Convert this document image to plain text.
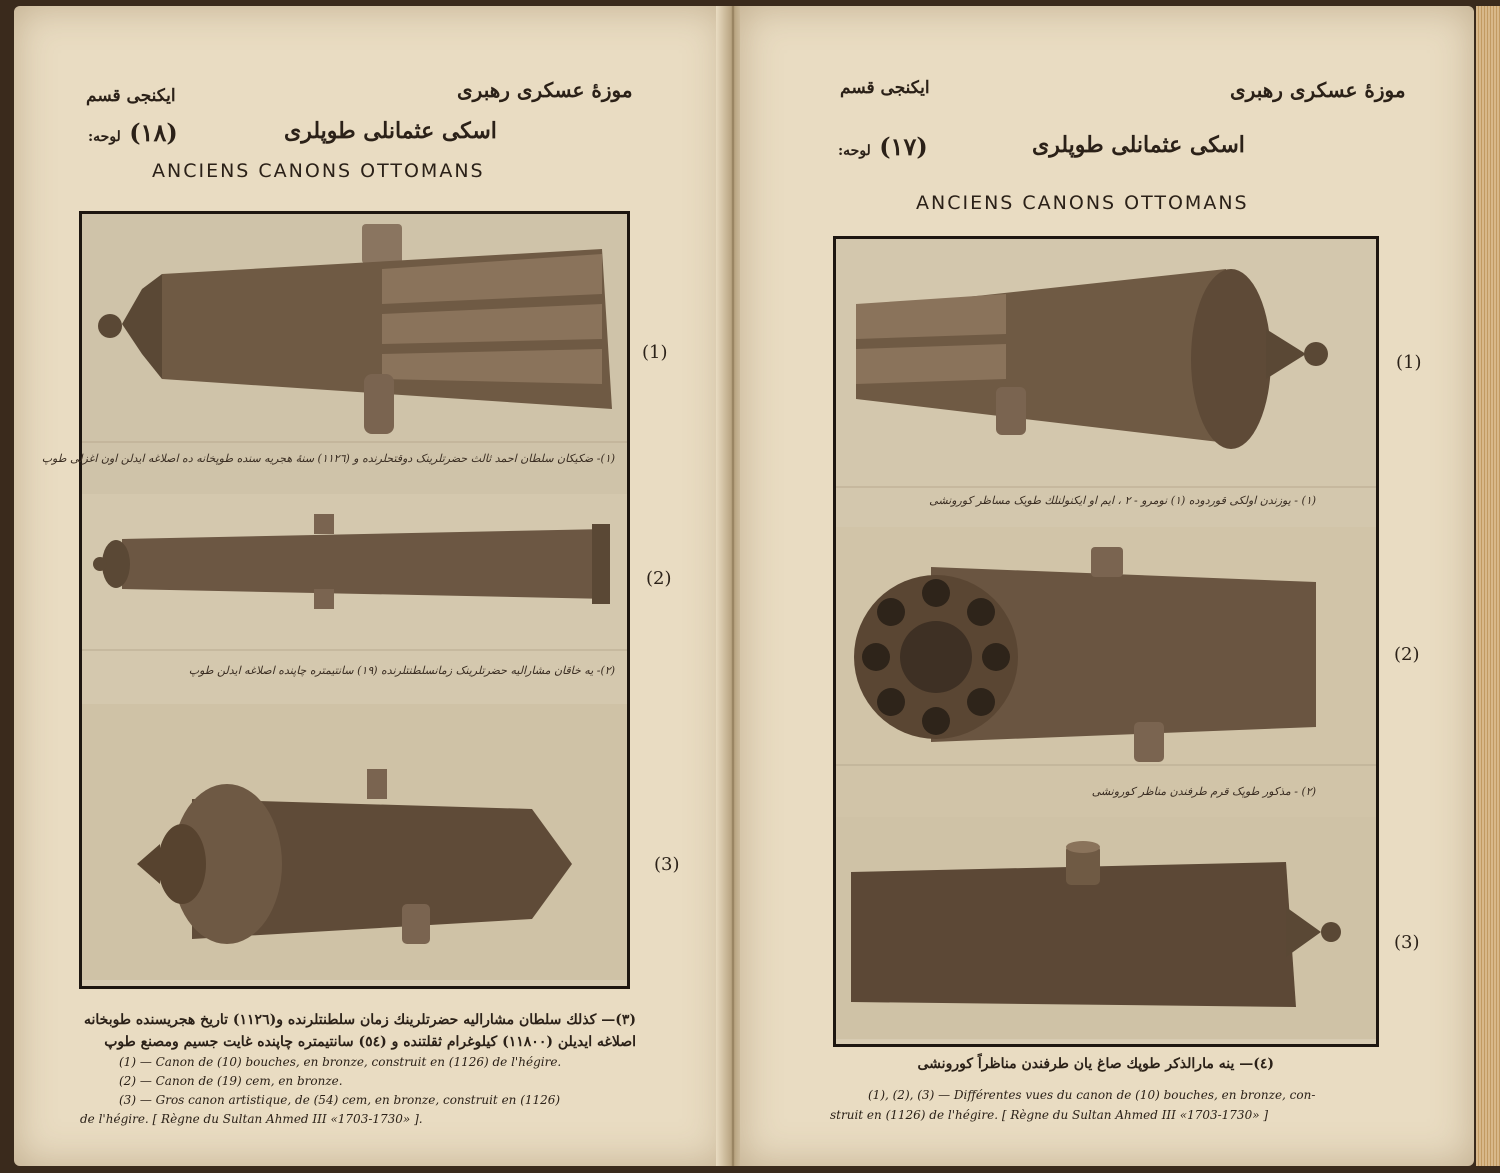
موزهٔ عسکری رهبری
ایکنجی قسم
(١٨) لوحه:	اسکی عثمانلی طوپلری
ANCIENS CANONS OTTOMANS
(١)- ضکیکان سلطان احمد ثالث حضرتلرینک دوقتحلرنده و (١١٢٦) سنهٔ هجریه سنده طوپخانه ده اصلاغه ایدلن اون اغزلی طوپ
(٢)- یه خاقان مشارالیه حضرتلرینک زمانسلطنتلرنده (١٩) سانتیمتره چاپنده اصلاغه ایدلن طوپ
(1)
(2)
(3)
(٣)— کذلك سلطان مشارالیه حضرتلرینك زمان سلطنتلرنده و(١١٢٦) تاریخ هجریسنده طوبخانه
اصلاغه ایدیلن (١١٨٠٠) کیلوغرام ثقلتنده و (٥٤) سانتیمتره چاپنده غایت جسیم ومصنع طوپ
(1) — Canon de (10) bouches, en bronze, construit en (1126) de l'hégire.
(2) — Canon de (19) cem, en bronze.
(3) — Gros canon artistique, de (54) cem, en bronze, construit en (1126)
de l'hégire. [ Règne du Sultan Ahmed III «1703-1730» ].
موزهٔ عسکری رهبری
ایکنجی قسم
(١٧) لوحه:	اسکی عثمانلی طوپلری
ANCIENS CANONS OTTOMANS
(١) - یوزندن اولکی قوردوده (١) نومرو - ٢ ، ایم او ايکنولنلك طویک مساظر کورونشی
(٢) - مذکور طوپک قرم طرفندن مناظر کورونشی
(1)
(2)
(3)
(٤)— ینه مارالذکر طوپك صاغ یان طرفندن مناظراً کورونشی
(1), (2), (3) — Différentes vues du canon de (10) bouches, en bronze, con-
struit en (1126) de l'hégire. [ Règne du Sultan Ahmed III «1703-1730» ]
